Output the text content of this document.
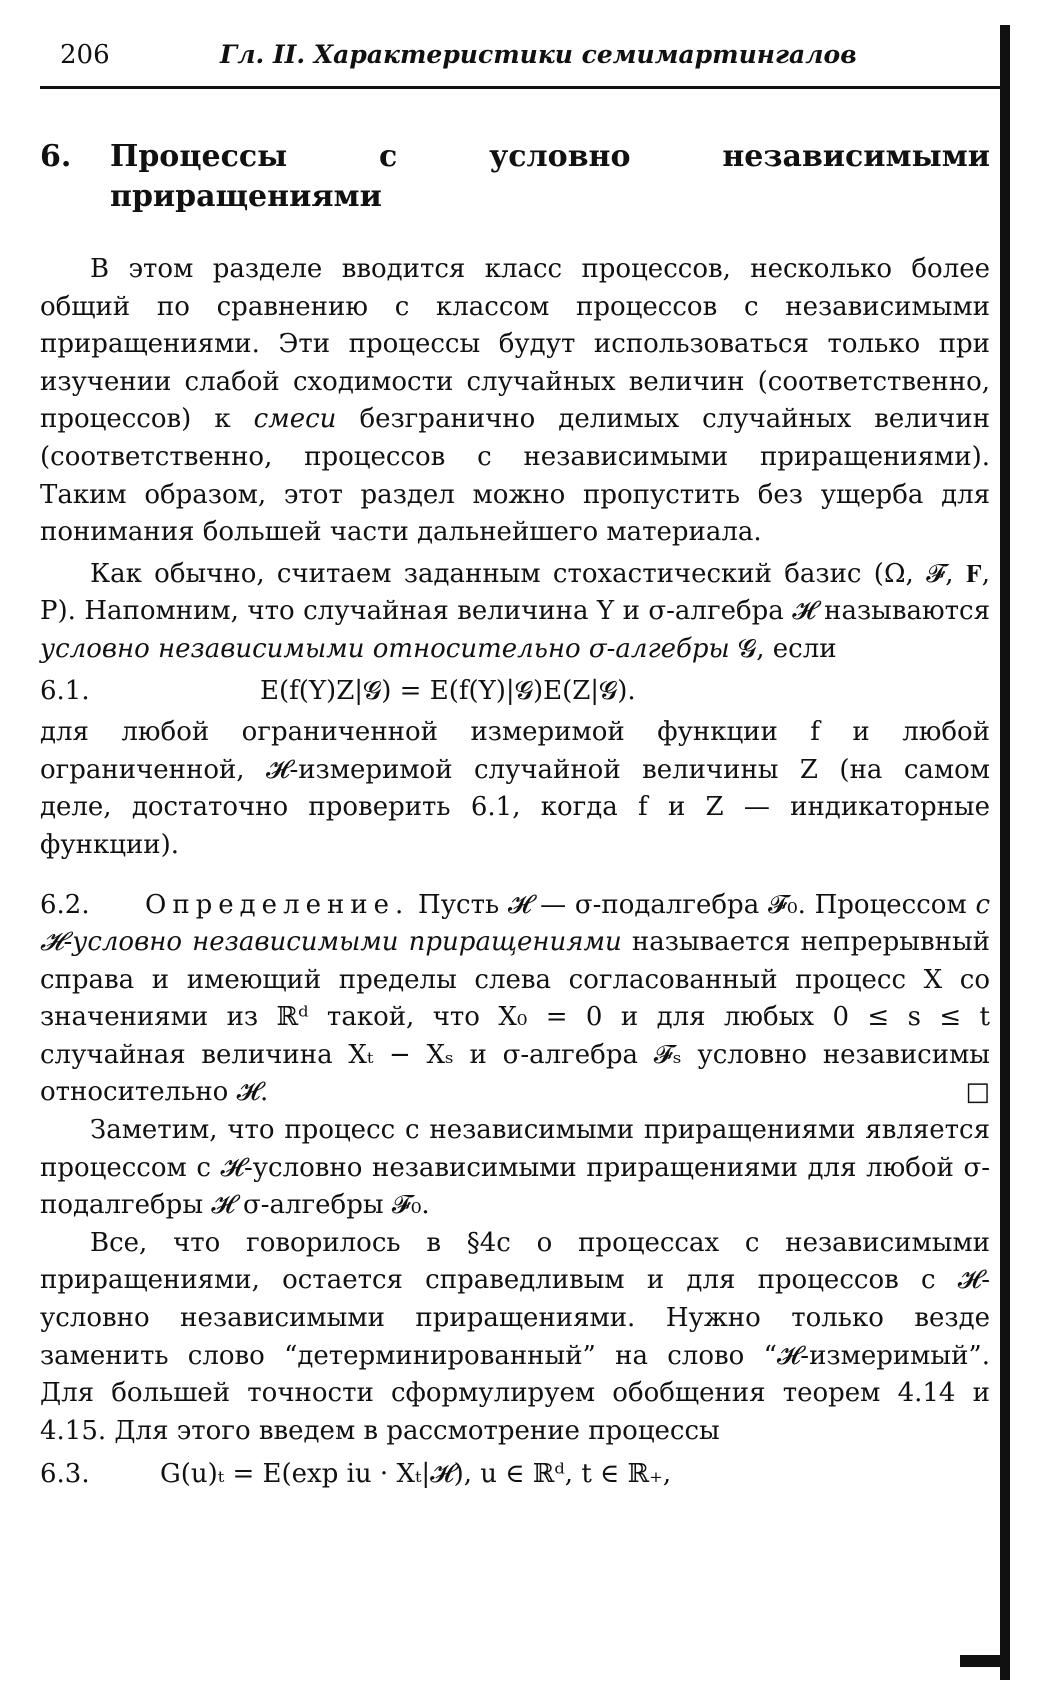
206	Гл. II. Характеристики семимартингалов
6.	Процессы	с	условно	независимыми
приращениями

В этом разделе вводится класс процессов, несколько более общий по сравнению с классом процессов с независимыми приращениями. Эти процессы будут использоваться только при изучении слабой сходимости случайных величин (соответственно, процессов) к смеси безгранично делимых случайных величин (соответственно, процессов с независимыми приращениями). Таким образом, этот раздел можно пропустить без ущерба для понимания большей части дальнейшего материала.

Как обычно, считаем заданным стохастический базис (Ω, 𝓕, 𝐅, P). Напомним, что случайная величина Y и σ-алгебра 𝓗 называются условно независимыми относительно σ-алгебры 𝓖, если

6.1.	E(f(Y)Z|𝓖) = E(f(Y)|𝓖)E(Z|𝓖).

для любой ограниченной измеримой функции f и любой ограниченной, 𝓗-измеримой случайной величины Z (на самом деле, достаточно проверить 6.1, когда f и Z — индикаторные функции).

6.2. Определение. Пусть 𝓗 — σ-подалгебра 𝓕₀. Процессом с 𝓗-условно независимыми приращениями называется непрерывный справа и имеющий пределы слева согласованный процесс X со значениями из ℝᵈ такой, что X₀ = 0 и для любых 0 ≤ s ≤ t случайная величина Xₜ − Xₛ и σ-алгебра 𝓕ₛ условно независимы относительно 𝓗.	□

Заметим, что процесс с независимыми приращениями является процессом с 𝓗-условно независимыми приращениями для любой σ-подалгебры 𝓗 σ-алгебры 𝓕₀.

Все, что говорилось в §4c о процессах с независимыми приращениями, остается справедливым и для процессов с 𝓗-условно независимыми приращениями. Нужно только везде заменить слово “детерминированный” на слово “𝓗-измеримый”. Для большей точности сформулируем обобщения теорем 4.14 и 4.15. Для этого введем в рассмотрение процессы

6.3.	G(u)ₜ = E(exp iu · Xₜ|𝓗), u ∈ ℝᵈ, t ∈ ℝ₊,
